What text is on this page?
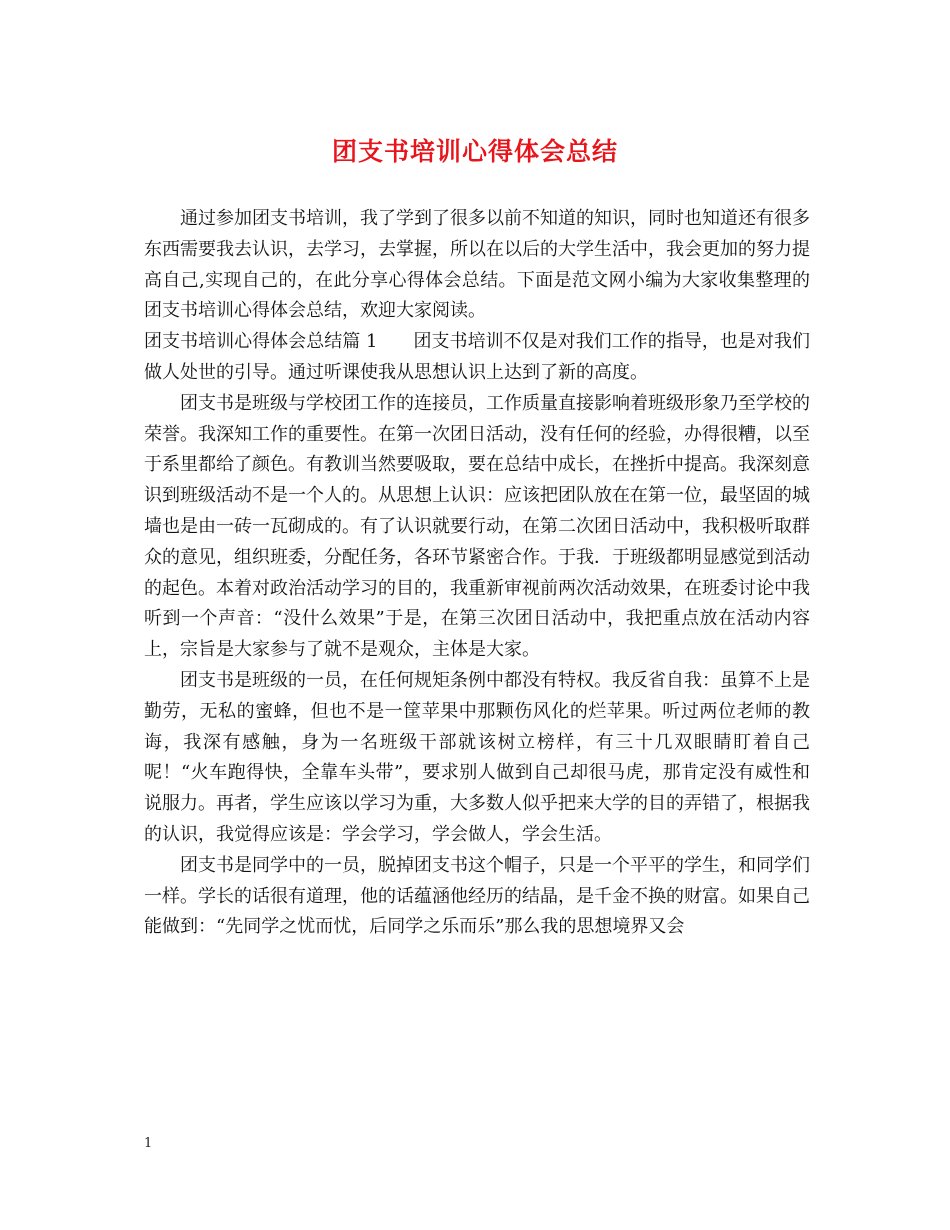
团支书培训心得体会总结

通过参加团支书培训，我了学到了很多以前不知道的知识，同时也知道还有很多东西需要我去认识，去学习，去掌握，所以在以后的大学生活中，我会更加的努力提高自己,实现自己的，在此分享心得体会总结。下面是范文网小编为大家收集整理的团支书培训心得体会总结，欢迎大家阅读。

团支书培训心得体会总结篇 1 团支书培训不仅是对我们工作的指导，也是对我们做人处世的引导。通过听课使我从思想认识上达到了新的高度。

团支书是班级与学校团工作的连接员，工作质量直接影响着班级形象乃至学校的荣誉。我深知工作的重要性。在第一次团日活动，没有任何的经验，办得很糟，以至于系里都给了颜色。有教训当然要吸取，要在总结中成长，在挫折中提高。我深刻意识到班级活动不是一个人的。从思想上认识：应该把团队放在在第一位，最坚固的城墙也是由一砖一瓦砌成的。有了认识就要行动，在第二次团日活动中，我积极听取群众的意见，组织班委，分配任务，各环节紧密合作。于我．于班级都明显感觉到活动的起色。本着对政治活动学习的目的，我重新审视前两次活动效果，在班委讨论中我听到一个声音：“没什么效果”于是，在第三次团日活动中，我把重点放在活动内容上，宗旨是大家参与了就不是观众，主体是大家。

团支书是班级的一员，在任何规矩条例中都没有特权。我反省自我：虽算不上是勤劳，无私的蜜蜂，但也不是一筐苹果中那颗伤风化的烂苹果。听过两位老师的教诲，我深有感触，身为一名班级干部就该树立榜样，有三十几双眼睛盯着自己呢！“火车跑得快，全靠车头带”，要求别人做到自己却很马虎，那肯定没有威性和说服力。再者，学生应该以学习为重，大多数人似乎把来大学的目的弄错了，根据我的认识，我觉得应该是：学会学习，学会做人，学会生活。

团支书是同学中的一员，脱掉团支书这个帽子，只是一个平平的学生，和同学们一样。学长的话很有道理，他的话蕴涵他经历的结晶，是千金不换的财富。如果自己能做到：“先同学之忧而忧，后同学之乐而乐”那么我的思想境界又会

1
